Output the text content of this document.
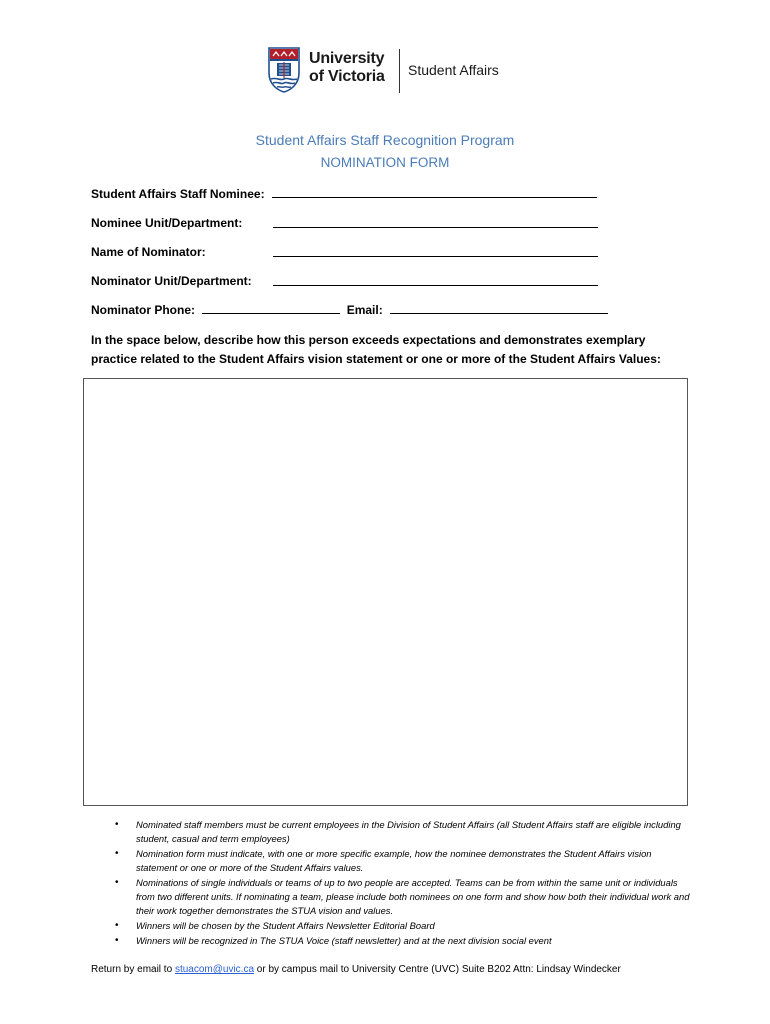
University
of Victoria Student Affairs
Student Affairs Staff Recognition Program
NOMINATION FORM
Student Affairs Staff Nominee:
Nominee Unit/Department:
Name of Nominator:
Nominator Unit/Department:
Nominator Phone:	Email:
In the space below, describe how this person exceeds expectations and demonstrates exemplary practice related to the Student Affairs vision statement or one or more of the Student Affairs Values:
• Nominated staff members must be current employees in the Division of Student Affairs (all Student Affairs staff are eligible including student, casual and term employees)
• Nomination form must indicate, with one or more specific example, how the nominee demonstrates the Student Affairs vision statement or one or more of the Student Affairs values.
• Nominations of single individuals or teams of up to two people are accepted. Teams can be from within the same unit or individuals from two different units. If nominating a team, please include both nominees on one form and show how both their individual work and their work together demonstrates the STUA vision and values.
• Winners will be chosen by the Student Affairs Newsletter Editorial Board
• Winners will be recognized in The STUA Voice (staff newsletter) and at the next division social event
Return by email to stuacom@uvic.ca or by campus mail to University Centre (UVC) Suite B202 Attn: Lindsay Windecker
